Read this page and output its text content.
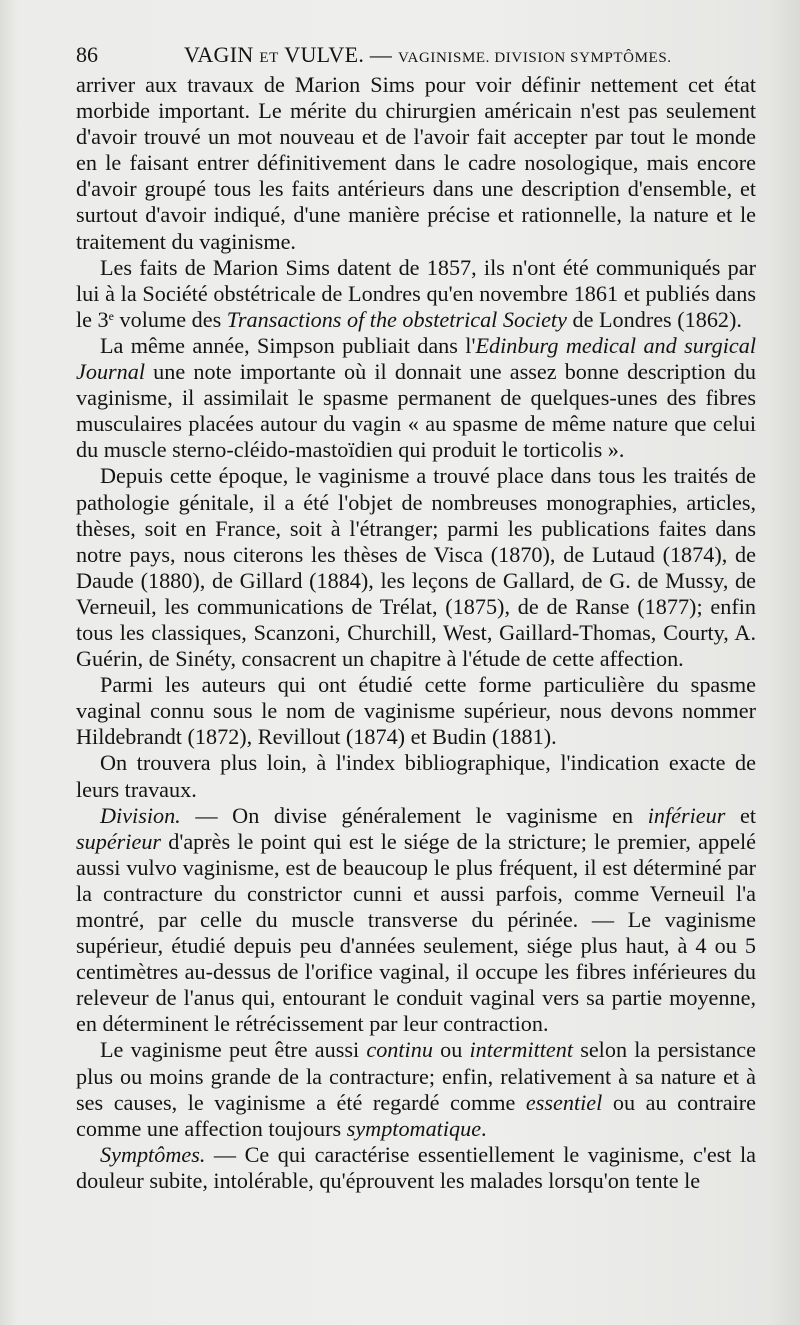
86	VAGIN ET VULVE. — VAGINISME. DIVISION SYMPTÔMES.

arriver aux travaux de Marion Sims pour voir définir nettement cet état morbide important. Le mérite du chirurgien américain n'est pas seulement d'avoir trouvé un mot nouveau et de l'avoir fait accepter par tout le monde en le faisant entrer définitivement dans le cadre nosologique, mais encore d'avoir groupé tous les faits antérieurs dans une description d'ensemble, et surtout d'avoir indiqué, d'une manière précise et rationnelle, la nature et le traitement du vaginisme.

Les faits de Marion Sims datent de 1857, ils n'ont été communiqués par lui à la Société obstétricale de Londres qu'en novembre 1861 et publiés dans le 3e volume des Transactions of the obstetrical Society de Londres (1862).

La même année, Simpson publiait dans l'Edinburg medical and surgical Journal une note importante où il donnait une assez bonne description du vaginisme, il assimilait le spasme permanent de quelques-unes des fibres musculaires placées autour du vagin « au spasme de même nature que celui du muscle sterno-cléido-mastoïdien qui produit le torticolis ».

Depuis cette époque, le vaginisme a trouvé place dans tous les traités de pathologie génitale, il a été l'objet de nombreuses monographies, articles, thèses, soit en France, soit à l'étranger; parmi les publications faites dans notre pays, nous citerons les thèses de Visca (1870), de Lutaud (1874), de Daude (1880), de Gillard (1884), les leçons de Gallard, de G. de Mussy, de Verneuil, les communications de Trélat, (1875), de de Ranse (1877); enfin tous les classiques, Scanzoni, Churchill, West, Gaillard-Thomas, Courty, A. Guérin, de Sinéty, consacrent un chapitre à l'étude de cette affection.

Parmi les auteurs qui ont étudié cette forme particulière du spasme vaginal connu sous le nom de vaginisme supérieur, nous devons nommer Hildebrandt (1872), Revillout (1874) et Budin (1881).

On trouvera plus loin, à l'index bibliographique, l'indication exacte de leurs travaux.

Division. — On divise généralement le vaginisme en inférieur et supérieur d'après le point qui est le siége de la stricture; le premier, appelé aussi vulvo vaginisme, est de beaucoup le plus fréquent, il est déterminé par la contracture du constrictor cunni et aussi parfois, comme Verneuil l'a montré, par celle du muscle transverse du périnée. — Le vaginisme supérieur, étudié depuis peu d'années seulement, siége plus haut, à 4 ou 5 centimètres au-dessus de l'orifice vaginal, il occupe les fibres inférieures du releveur de l'anus qui, entourant le conduit vaginal vers sa partie moyenne, en déterminent le rétrécissement par leur contraction.

Le vaginisme peut être aussi continu ou intermittent selon la persistance plus ou moins grande de la contracture; enfin, relativement à sa nature et à ses causes, le vaginisme a été regardé comme essentiel ou au contraire comme une affection toujours symptomatique.

Symptômes. — Ce qui caractérise essentiellement le vaginisme, c'est la douleur subite, intolérable, qu'éprouvent les malades lorsqu'on tente le
